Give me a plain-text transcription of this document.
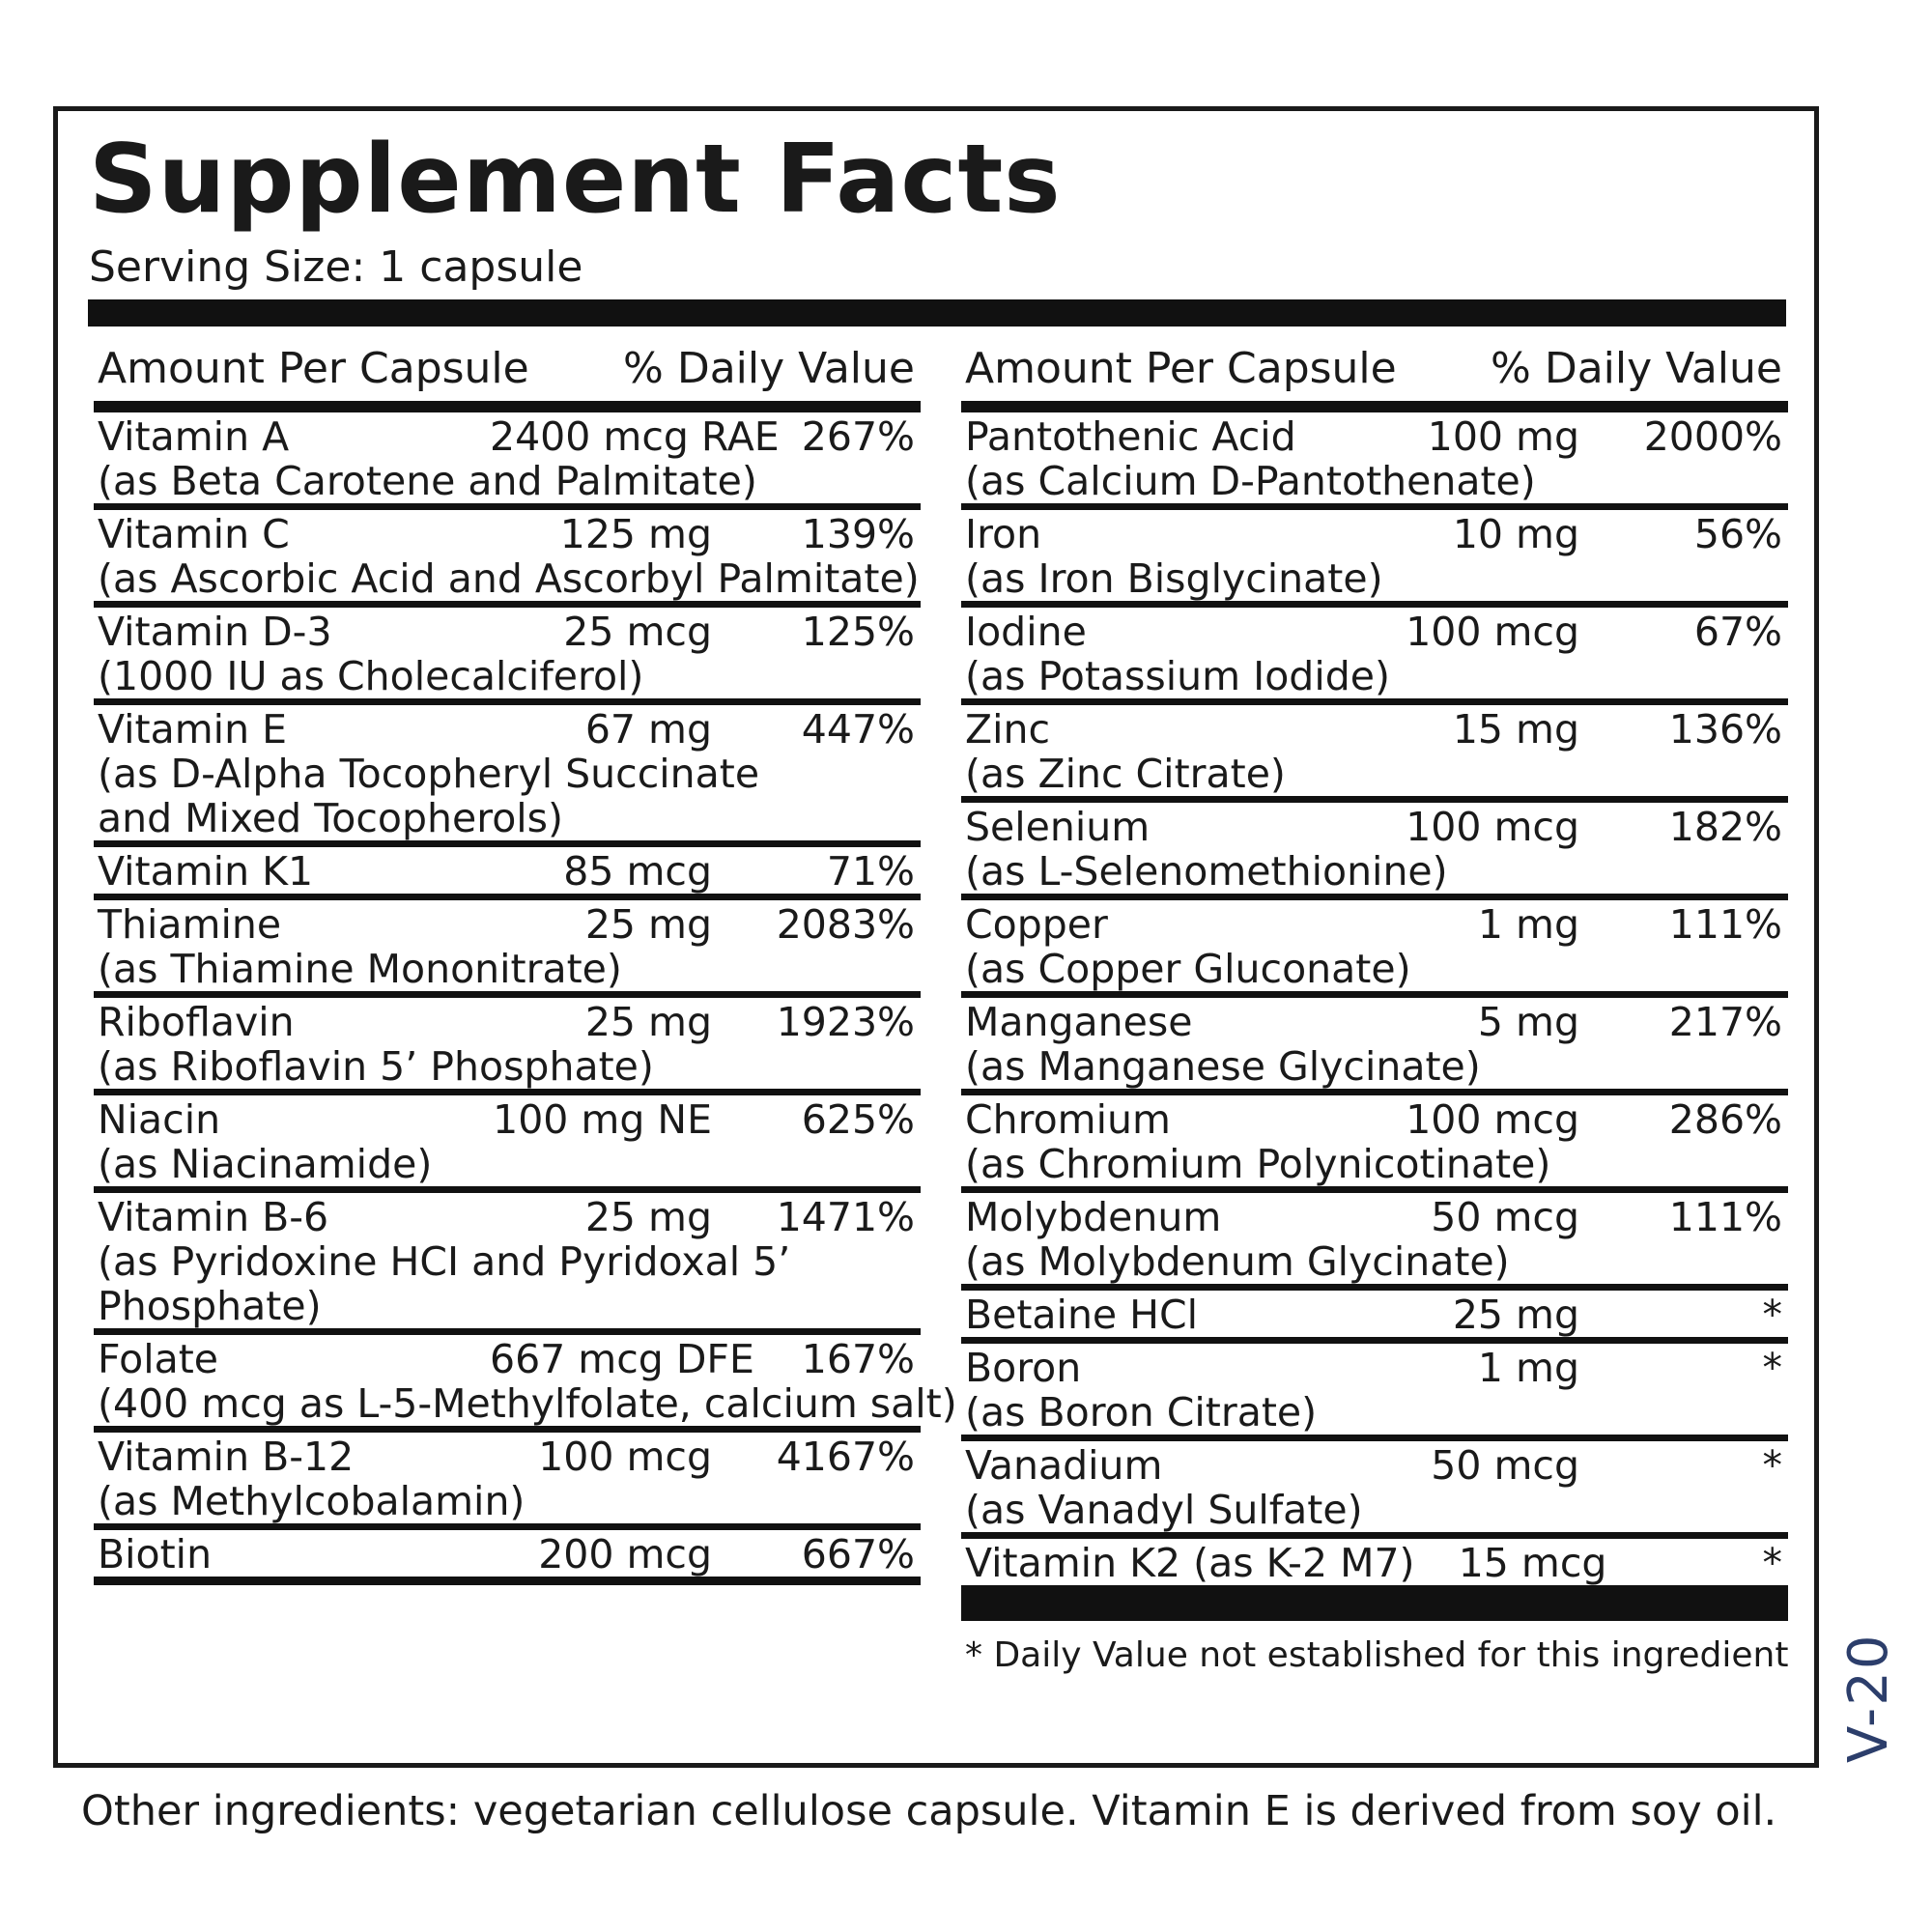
Supplement Facts
Serving Size: 1 capsule
Amount Per Capsule % Daily Value
Vitamin A	2400 mcg RAE 267%
(as Beta Carotene and Palmitate)
Vitamin C	125 mg	139%
(as Ascorbic Acid and Ascorbyl Palmitate)
Vitamin D-3	25 mcg	125%
(1000 IU as Cholecalciferol)
Vitamin E	67 mg	447%
(as D-Alpha Tocopheryl Succinate
and Mixed Tocopherols)
Vitamin K1	85 mcg	71%
Thiamine	25 mg	2083%
(as Thiamine Mononitrate)
Riboflavin	25 mg	1923%
(as Riboflavin 5’ Phosphate)
Niacin	100 mg NE	625%
(as Niacinamide)
Vitamin B-6	25 mg	1471%
(as Pyridoxine HCI and Pyridoxal 5’
Phosphate)
Folate	667 mcg DFE	167%
(400 mcg as L-5-Methylfolate, calcium salt)
Vitamin B-12	100 mcg	4167%
(as Methylcobalamin)
Biotin	200 mcg	667%
Amount Per Capsule % Daily Value
Pantothenic Acid	100 mg	2000%
(as Calcium D-Pantothenate)
Iron	10 mg	56%
(as Iron Bisglycinate)
Iodine	100 mcg	67%
(as Potassium Iodide)
Zinc	15 mg	136%
(as Zinc Citrate)
Selenium	100 mcg	182%
(as L-Selenomethionine)
Copper	1 mg	111%
(as Copper Gluconate)
Manganese	5 mg	217%
(as Manganese Glycinate)
Chromium	100 mcg	286%
(as Chromium Polynicotinate)
Molybdenum	50 mcg	111%
(as Molybdenum Glycinate)
Betaine HCl	25 mg	*
Boron	1 mg	*
(as Boron Citrate)
Vanadium	50 mcg	*
(as Vanadyl Sulfate)
Vitamin K2 (as K-2 M7)	15 mcg	*
* Daily Value not established for this ingredient
Other ingredients: vegetarian cellulose capsule. Vitamin E is derived from soy oil.
V-20
